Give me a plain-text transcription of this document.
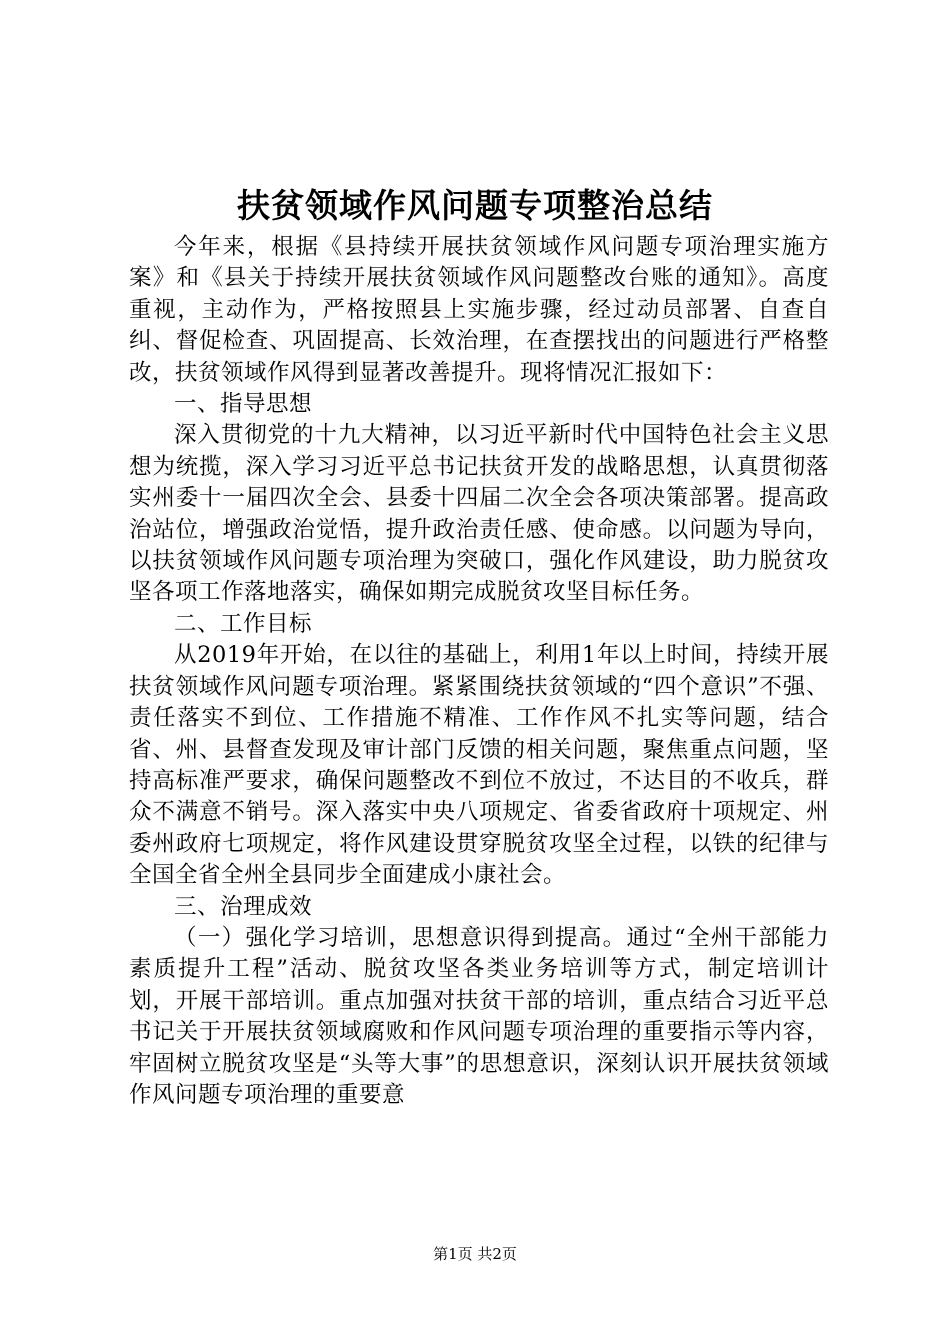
扶贫领域作风问题专项整治总结

今年来，根据《县持续开展扶贫领域作风问题专项治理实施方案》和《县关于持续开展扶贫领域作风问题整改台账的通知》。高度重视，主动作为，严格按照县上实施步骤，经过动员部署、自查自纠、督促检查、巩固提高、长效治理，在查摆找出的问题进行严格整改，扶贫领域作风得到显著改善提升。现将情况汇报如下：

一、指导思想

深入贯彻党的十九大精神，以习近平新时代中国特色社会主义思想为统揽，深入学习习近平总书记扶贫开发的战略思想，认真贯彻落实州委十一届四次全会、县委十四届二次全会各项决策部署。提高政治站位，增强政治觉悟，提升政治责任感、使命感。以问题为导向，以扶贫领域作风问题专项治理为突破口，强化作风建设，助力脱贫攻坚各项工作落地落实，确保如期完成脱贫攻坚目标任务。

二、工作目标

从2019年开始，在以往的基础上，利用1年以上时间，持续开展扶贫领域作风问题专项治理。紧紧围绕扶贫领域的“四个意识”不强、责任落实不到位、工作措施不精准、工作作风不扎实等问题，结合省、州、县督查发现及审计部门反馈的相关问题，聚焦重点问题，坚持高标准严要求，确保问题整改不到位不放过，不达目的不收兵，群众不满意不销号。深入落实中央八项规定、省委省政府十项规定、州委州政府七项规定，将作风建设贯穿脱贫攻坚全过程，以铁的纪律与全国全省全州全县同步全面建成小康社会。

三、治理成效

（一）强化学习培训，思想意识得到提高。通过“全州干部能力素质提升工程”活动、脱贫攻坚各类业务培训等方式，制定培训计划，开展干部培训。重点加强对扶贫干部的培训，重点结合习近平总书记关于开展扶贫领域腐败和作风问题专项治理的重要指示等内容，牢固树立脱贫攻坚是“头等大事”的思想意识，深刻认识开展扶贫领域作风问题专项治理的重要意

第1页 共2页
